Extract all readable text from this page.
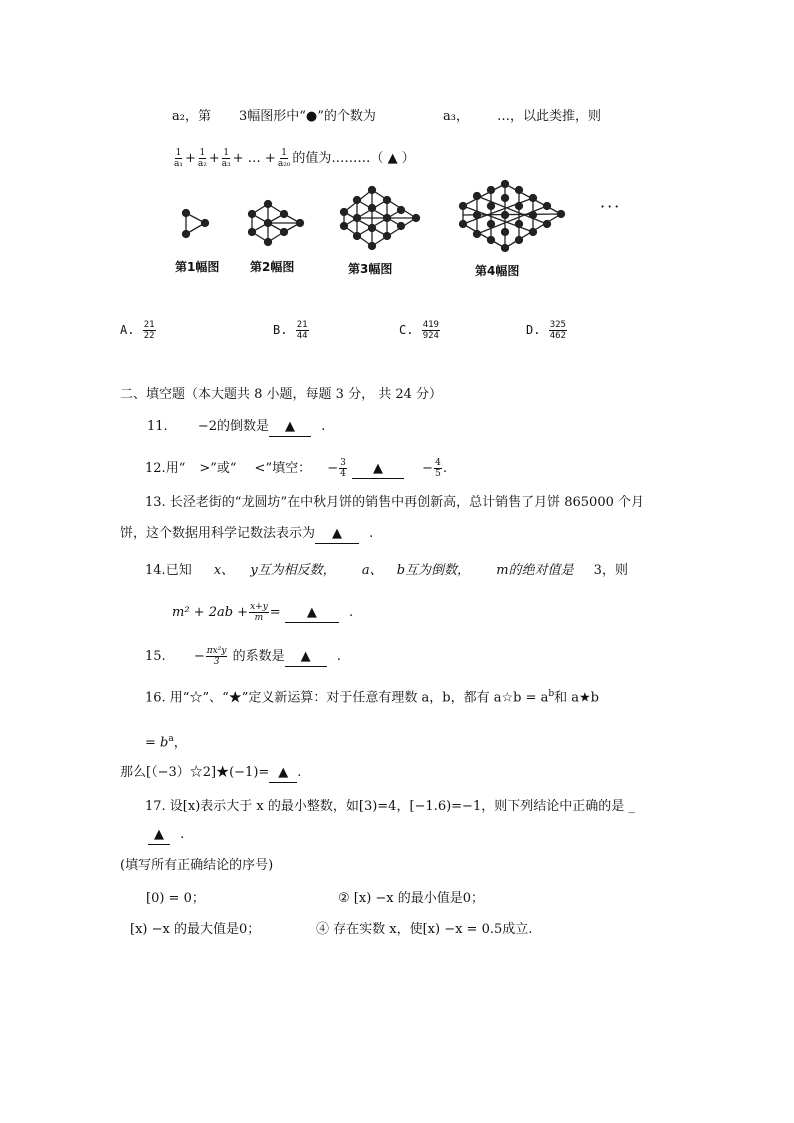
a₂，第 3幅图形中“●”的个数为	a₃， …，以此类推，则
$\frac{1}{\text{a₁}} + \frac{1}{\text{a₂}} + \frac{1}{\text{a₃}}$ + … + $\frac{1}{\text{a₂₀}}$ 的值为………（ ▲ ）
第1幅图	第2幅图	第3幅图	第4幅图
···
A. $\frac{21}{22}$	B. $\frac{21}{44}$	C. $\frac{419}{924}$	D. $\frac{325}{462}$
二、填空题（本大题共 8 小题，每题 3 分， 共 24 分）
11. −2的倒数是 ▲ .
12.用“ >”或“ <”填空： − $\frac{3}{4}$ ▲	− $\frac{4}{5}$ .
13. 长泾老街的“龙圆坊”在中秋月饼的销售中再创新高，总计销售了月饼 865000 个月
饼，这个数据用科学记数法表示为 ▲ .
14.已知 x、 y互为相反数， a、 b互为倒数， m的绝对值是 3，则
$m^2 + 2ab + \frac{x+y}{m}$ = ▲ .
15. − $\frac{\text{πx²y}}{3}$ 的系数是 ▲ .
16. 用“☆”、“★”定义新运算：对于任意有理数 a，b，都有 a☆b = $a^b$和 a★b
= $b^a$，
那么[（−3）☆2]★(−1)= ▲ .
17. 设[x)表示大于 x 的最小整数，如[3)=4，[−1.6)=−1，则下列结论中正确的是 _
▲ .
(填写所有正确结论的序号)
[0) = 0；	② [x) −x 的最小值是0；
[x) −x 的最大值是0；	④ 存在实数 x，使[x) −x = 0.5成立.
